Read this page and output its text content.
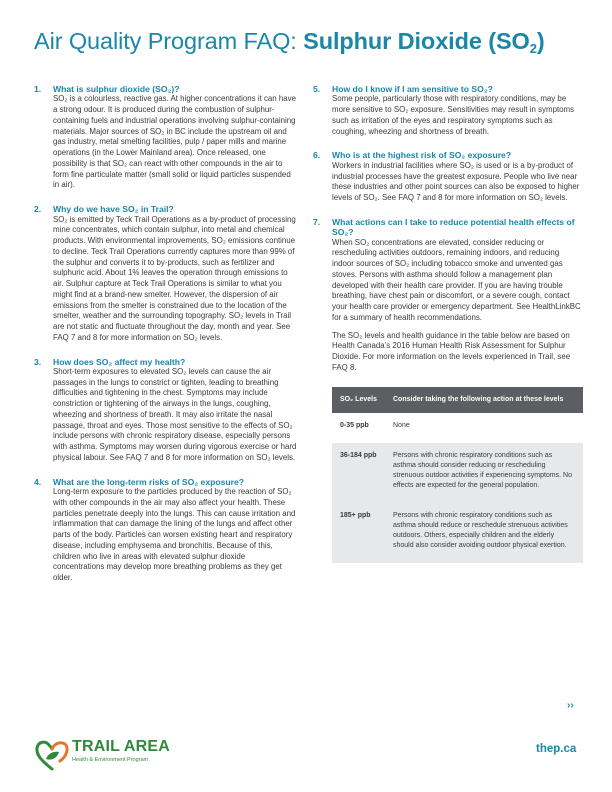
Air Quality Program FAQ: Sulphur Dioxide $(SO_2)$
1.	What is sulphur dioxide (SO₂)?

SO₂ is a colourless, reactive gas. At higher concentrations it can have a strong odour. It is produced during the combustion of sulphur-containing fuels and industrial operations involving sulphur-containing materials. Major sources of SO₂ in BC include the upstream oil and gas industry, metal smelting facilities, pulp / paper mills and marine operations (in the Lower Mainland area). Once released, one possibility is that SO₂ can react with other compounds in the air to form fine particulate matter (small solid or liquid particles suspended in air).

2.	Why do we have SO₂ in Trail?

SO₂ is emitted by Teck Trail Operations as a by-product of processing mine concentrates, which contain sulphur, into metal and chemical products. With environmental improvements, SO₂ emissions continue to decline. Teck Trail Operations currently captures more than 99% of the sulphur and converts it to by-products, such as fertilizer and sulphuric acid. About 1% leaves the operation through emissions to air. Sulphur capture at Teck Trail Operations is similar to what you might find at a brand-new smelter. However, the dispersion of air emissions from the smelter is constrained due to the location of the smelter, weather and the surrounding topography. SO₂ levels in Trail are not static and fluctuate throughout the day, month and year. See FAQ 7 and 8 for more information on SO₂ levels.

3.	How does SO₂ affect my health?

Short-term exposures to elevated SO₂ levels can cause the air passages in the lungs to constrict or tighten, leading to breathing difficulties and tightening in the chest. Symptoms may include constriction or tightening of the airways in the lungs, coughing, wheezing and shortness of breath. It may also irritate the nasal passage, throat and eyes. Those most sensitive to the effects of SO₂ include persons with chronic respiratory disease, especially persons with asthma. Symptoms may worsen during vigorous exercise or hard physical labour. See FAQ 7 and 8 for more information on SO₂ levels.

4.	What are the long-term risks of SO₂ exposure?

Long-term exposure to the particles produced by the reaction of SO₂ with other compounds in the air may also affect your health. These particles penetrate deeply into the lungs. This can cause irritation and inflammation that can damage the lining of the lungs and affect other parts of the body. Particles can worsen existing heart and respiratory disease, including emphysema and bronchitis. Because of this, children who live in areas with elevated sulphur dioxide concentrations may develop more breathing problems as they get older.

5.	How do I know if I am sensitive to SO₂?

Some people, particularly those with respiratory conditions, may be more sensitive to SO₂ exposure. Sensitivities may result in symptoms such as irritation of the eyes and respiratory symptoms such as coughing, wheezing and shortness of breath.

6.	Who is at the highest risk of SO₂ exposure?

Workers in industrial facilities where SO₂ is used or is a by-product of industrial processes have the greatest exposure. People who live near these industries and other point sources can also be exposed to higher levels of SO₂. See FAQ 7 and 8 for more information on SO₂ levels.

7.	What actions can I take to reduce potential health effects of SO₂?

When SO₂ concentrations are elevated, consider reducing or rescheduling activities outdoors, remaining indoors, and reducing indoor sources of SO₂ including tobacco smoke and unvented gas stoves. Persons with asthma should follow a management plan developed with their health care provider. If you are having trouble breathing, have chest pain or discomfort, or a severe cough, contact your health care provider or emergency department. See HealthLinkBC for a summary of health recommendations.

The SO₂ levels and health guidance in the table below are based on Health Canada’s 2016 Human Health Risk Assessment for Sulphur Dioxide. For more information on the levels experienced in Trail, see FAQ 8.

SO₂ Levels	Consider taking the following action at these levels
0-35 ppb	None
36-184 ppb	Persons with chronic respiratory conditions such as asthma should consider reducing or rescheduling strenuous outdoor activities if experiencing symptoms. No effects are expected for the general population.
185+ ppb	Persons with chronic respiratory conditions such as asthma should reduce or reschedule strenuous activities outdoors. Others, especially children and the elderly should also consider avoiding outdoor physical exertion.
››
TRAIL AREA
Health & Environment Program
thep.ca
